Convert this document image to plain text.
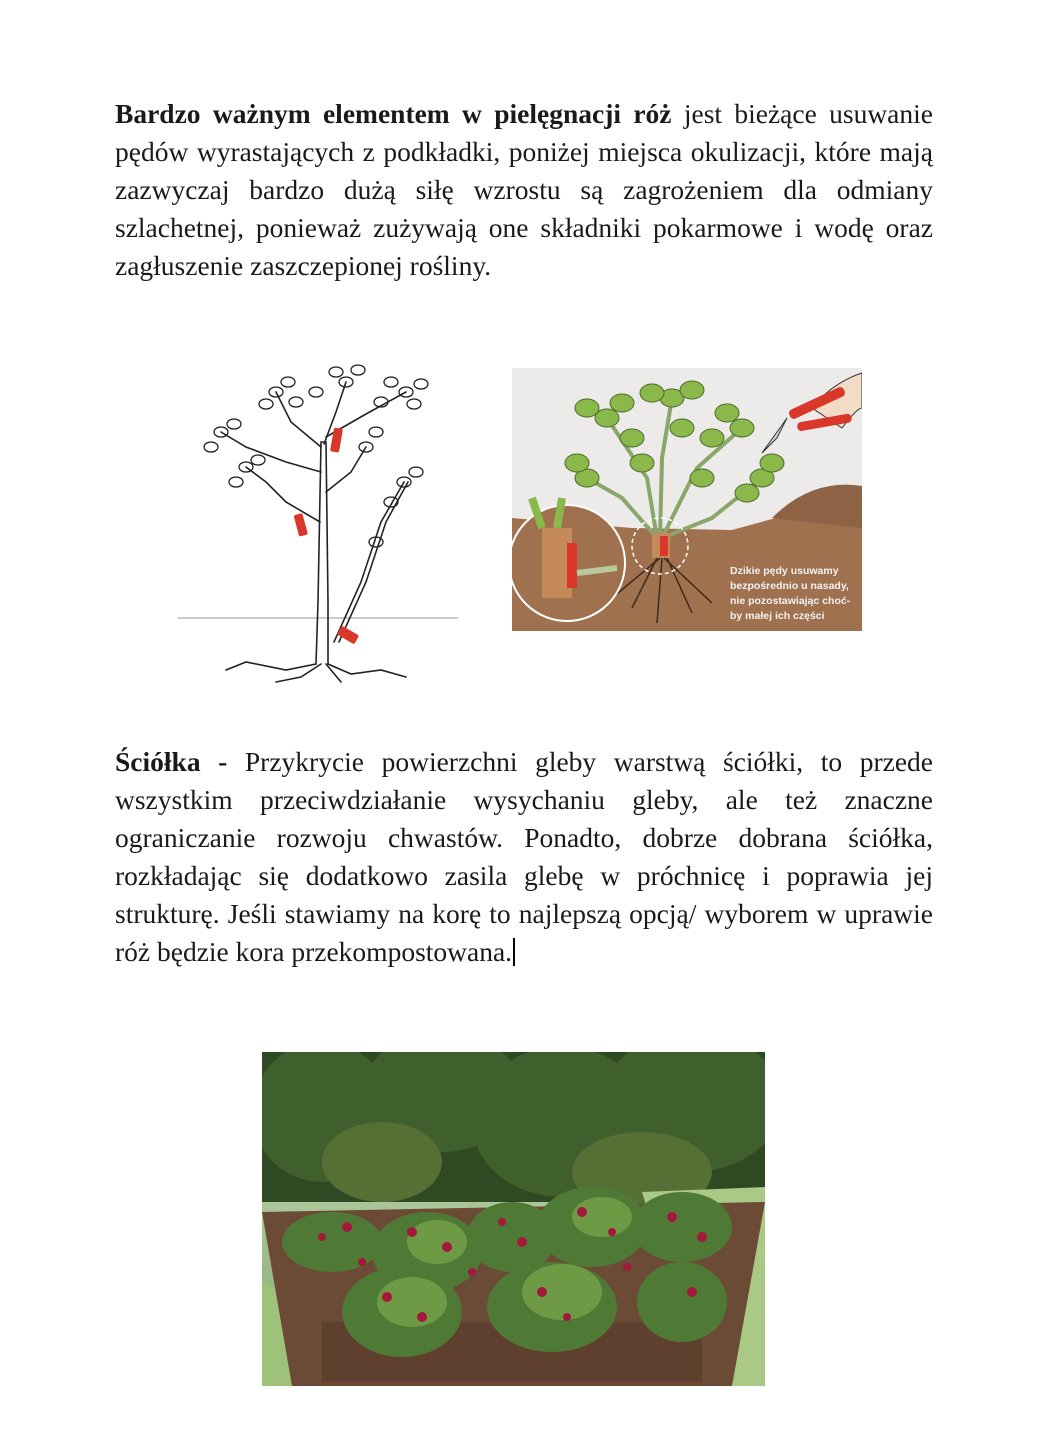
Bardzo ważnym elementem w pielęgnacji róż jest bieżące usuwanie pędów wyrastających z podkładki, poniżej miejsca okulizacji, które mają zazwyczaj bardzo dużą siłę wzrostu są zagrożeniem dla odmiany szlachetnej, ponieważ zużywają one składniki pokarmowe i wodę oraz zagłuszenie zaszczepionej rośliny.

Dzikie pędy usuwamy bezpośrednio u nasady, nie pozostawiając choć-by małej ich części

Ściółka - Przykrycie powierzchni gleby warstwą ściółki, to przede wszystkim przeciwdziałanie wysychaniu gleby, ale też znaczne ograniczanie rozwoju chwastów. Ponadto, dobrze dobrana ściółka, rozkładając się dodatkowo zasila glebę w próchnicę i poprawia jej strukturę. Jeśli stawiamy na korę to najlepszą opcją/ wyborem w uprawie róż będzie kora przekompostowana.
